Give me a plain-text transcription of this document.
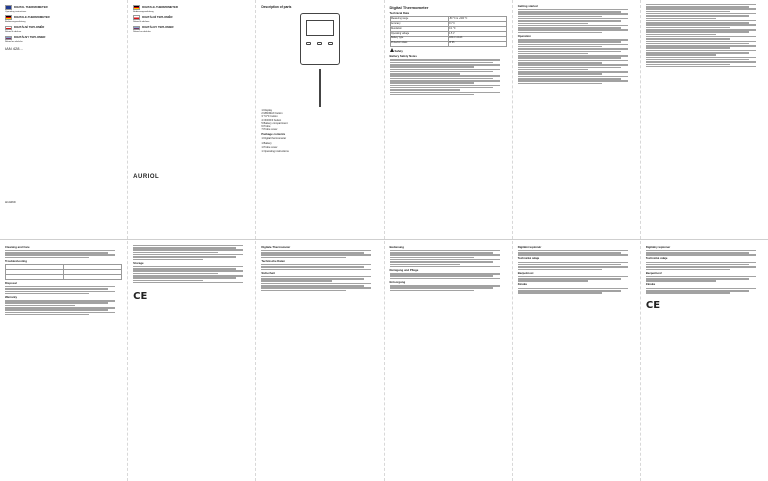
DIGITAL THERMOMETER
Operating instructions
DIGITALE-THERMOMETER
Bedienungsanleitung
DIGITÁLNÍ TEPLOMĚR
Návod k obsluze
DIGITÁLNY TEPLOMER
Návod na obsluhu
IAN 428...
H14269
DIGITALE-THERMOMETER
Bedienungsanleitung
DIGITÁLNÍ TEPLOMĚR
Návod k obsluze
DIGITÁLNY TEPLOMER
Návod na obsluhu
AURIOL
Description of parts
1 Display
2 MIN/MAX button
3 °C/°F button
4 ON/OFF button
5 Battery compartment
6 Probe
7 Probe cover
Package contents
1 Digital thermometer
1 Battery
1 Probe cover
1 Operating instructions
Digital Thermometer
Technical Data
Measuring range	-50 °C to +300 °C
Accuracy	±1 °C
Resolution	0.1 °C
Operating voltage	1.5 V
Battery type	LR44 / AG13
Protection class	IP 65
Safety
Battery Safety Notes
Getting started
Operation
Cleaning and Care
Troubleshooting

Disposal
Warranty
Storage
CE
Digitale-Thermometer
Technische Daten
Sicherheit
Bedienung
Reinigung und Pflege
Entsorgung
Digitální teploměr
Technické údaje
Bezpečnost
Záruka
Digitálny teplomer
Technické údaje
Bezpečnosť
Záruka
CE
